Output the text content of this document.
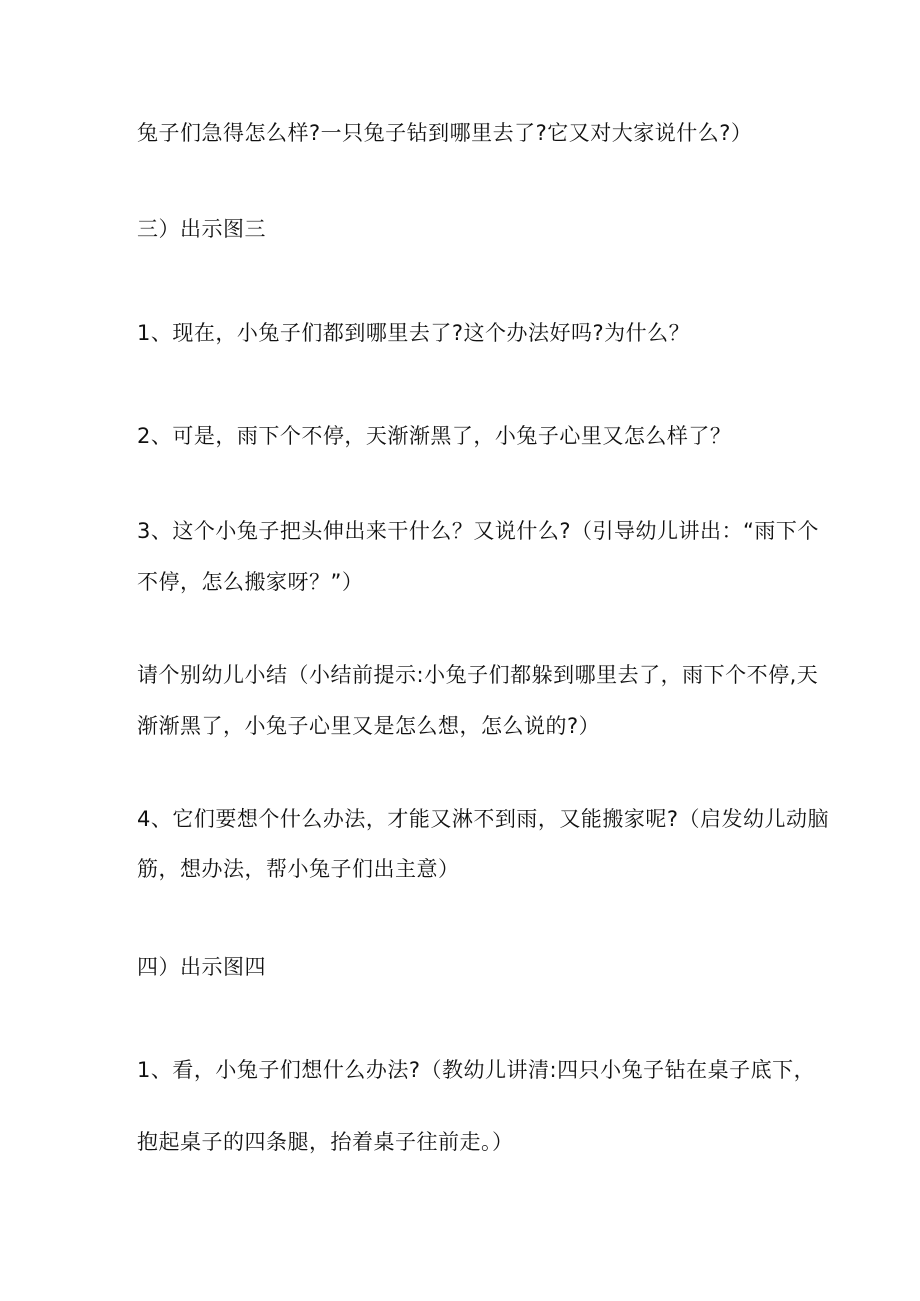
兔子们急得怎么样?一只兔子钻到哪里去了?它又对大家说什么?）
三）出示图三
1、现在，小兔子们都到哪里去了?这个办法好吗?为什么？
2、可是，雨下个不停，天渐渐黑了，小兔子心里又怎么样了？
3、这个小兔子把头伸出来干什么？又说什么?（引导幼儿讲出：“雨下个
不停，怎么搬家呀？”）
请个别幼儿小结（小结前提示:小兔子们都躲到哪里去了，雨下个不停,天
渐渐黑了，小兔子心里又是怎么想，怎么说的?）
4、它们要想个什么办法，才能又淋不到雨，又能搬家呢?（启发幼儿动脑
筋，想办法，帮小兔子们出主意）
四）出示图四
1、看，小兔子们想什么办法?（教幼儿讲清:四只小兔子钻在桌子底下，
抱起桌子的四条腿，抬着桌子往前走。）
